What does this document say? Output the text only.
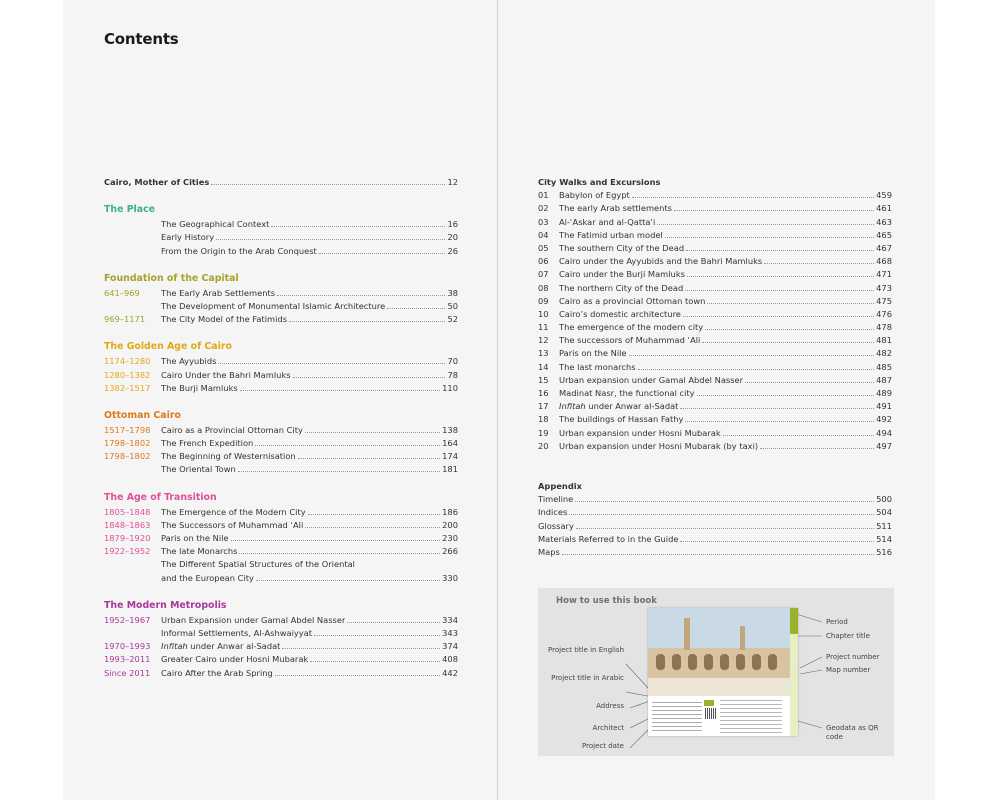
Contents
Cairo, Mother of Cities	12
The Place
The Geographical Context	16
Early History	20
From the Origin to the Arab Conquest	26
Foundation of the Capital
641–969	The Early Arab Settlements	38
The Development of Monumental Islamic Architecture	50
969–1171	The City Model of the Fatimids	52
The Golden Age of Cairo
1174–1280	The Ayyubids	70
1280–1382	Cairo Under the Bahri Mamluks	78
1382–1517	The Burji Mamluks	110
Ottoman Cairo
1517–1798	Cairo as a Provincial Ottoman City	138
1798–1802	The French Expedition	164
1798–1802	The Beginning of Westernisation	174
The Oriental Town	181
The Age of Transition
1805–1848	The Emergence of the Modern City	186
1848–1863	The Successors of Muhammad ʿAli	200
1879–1920	Paris on the Nile	230
1922–1952	The late Monarchs	266
The Different Spatial Structures of the Oriental
and the European City	330
The Modern Metropolis
1952–1967	Urban Expansion under Gamal Abdel Nasser	334
Informal Settlements, Al-Ashwaiyyat	343
1970–1993	Infitah under Anwar al-Sadat	374
1993–2011	Greater Cairo under Hosni Mubarak	408
Since 2011	Cairo After the Arab Spring	442
City Walks and Excursions
01	Babylon of Egypt	459
02	The early Arab settlements	461
03	Al-ʿAskar and al-Qattaʾi	463
04	The Fatimid urban model	465
05	The southern City of the Dead	467
06	Cairo under the Ayyubids and the Bahri Mamluks	468
07	Cairo under the Burji Mamluks	471
08	The northern City of the Dead	473
09	Cairo as a provincial Ottoman town	475
10	Cairo’s domestic architecture	476
11	The emergence of the modern city	478
12	The successors of Muhammad ʿAli	481
13	Paris on the Nile	482
14	The last monarchs	485
15	Urban expansion under Gamal Abdel Nasser	487
16	Madinat Nasr, the functional city	489
17	Infitah under Anwar al-Sadat	491
18	The buildings of Hassan Fathy	492
19	Urban expansion under Hosni Mubarak	494
20	Urban expansion under Hosni Mubarak (by taxi)	497
Appendix
Timeline	500
Indices	504
Glossary	511
Materials Referred to in the Guide	514
Maps	516
How to use this book
Project title in English
Project title in Arabic
Address
Architect
Project date
Period
Chapter title
Project number
Map number
Geodata as QR code
